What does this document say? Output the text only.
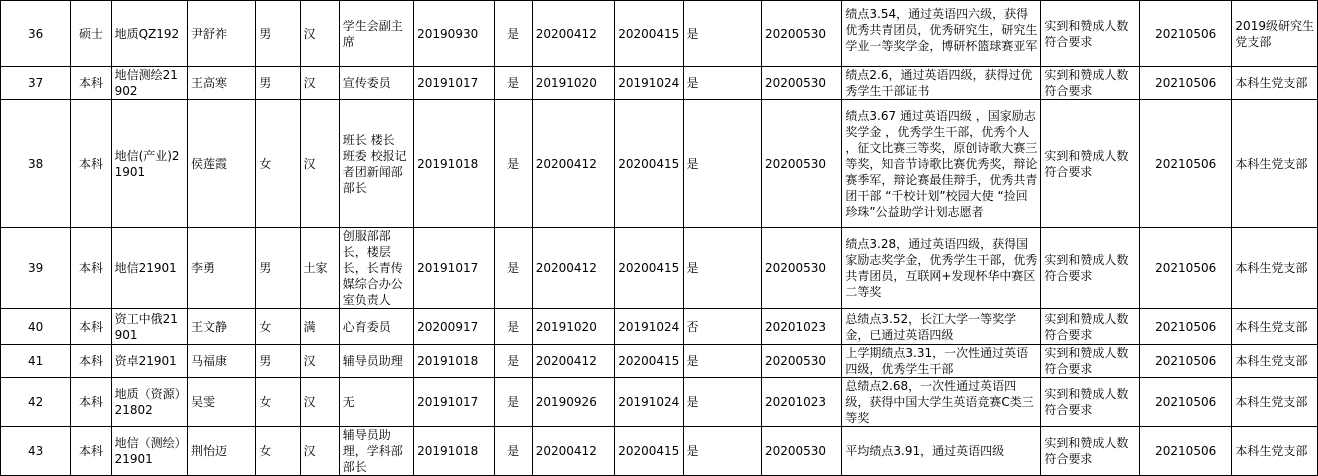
36	硕士	地质QZ192	尹舒祚	男	汉	学生会副主席	20190930	是	20200412	20200415	是	20200530	绩点3.54，通过英语四六级，获得优秀共青团员，优秀研究生，研究生学业一等奖学金，博研杯篮球赛亚军	实到和赞成人数符合要求	20210506	2019级研究生党支部
37	本科	地信测绘21902	王高寒	男	汉	宣传委员	20191017	是	20191020	20191024	是	20200530	绩点2.6，通过英语四级，获得过优秀学生干部证书	实到和赞成人数符合要求	20210506	本科生党支部
38	本科	地信(产业)21901	侯莲霞	女	汉	班长 楼长 班委 校报记者团新闻部部长	20191018	是	20200412	20200415	是	20200530	绩点3.67 通过英语四级 ，国家励志奖学金 ，优秀学生干部，优秀个人 ，征文比赛三等奖，原创诗歌大赛三等奖，知音节诗歌比赛优秀奖，辩论赛季军，辩论赛最佳辩手，优秀共青团干部 “千校计划”校园大使 “捡回珍珠”公益助学计划志愿者	实到和赞成人数符合要求	20210506	本科生党支部
39	本科	地信21901	李勇	男	土家	创服部部长，楼层长，长青传媒综合办公室负责人	20191017	是	20200412	20200415	是	20200530	绩点3.28，通过英语四级，获得国家励志奖学金，优秀学生干部，优秀共青团员，互联网+发现杯华中赛区二等奖	实到和赞成人数符合要求	20210506	本科生党支部
40	本科	资工中俄21901	王文静	女	满	心育委员	20200917	是	20191020	20191024	否	20201023	总绩点3.52，长江大学一等奖学金，已通过英语四级	实到和赞成人数符合要求	20210506	本科生党支部
41	本科	资卓21901	马福康	男	汉	辅导员助理	20191018	是	20200412	20200415	是	20200530	上学期绩点3.31，一次性通过英语四级，优秀学生干部	实到和赞成人数符合要求	20210506	本科生党支部
42	本科	地质（资源）21802	吴雯	女	汉	无	20191017	是	20190926	20191024	是	20201023	总绩点2.68，一次性通过英语四级，获得中国大学生英语竞赛C类三等奖	实到和赞成人数符合要求	20210506	本科生党支部
43	本科	地信（测绘）21901	荆怡迈	女	汉	辅导员助理，学科部部长	20191018	是	20200412	20200415	是	20200530	平均绩点3.91，通过英语四级	实到和赞成人数符合要求	20210506	本科生党支部
